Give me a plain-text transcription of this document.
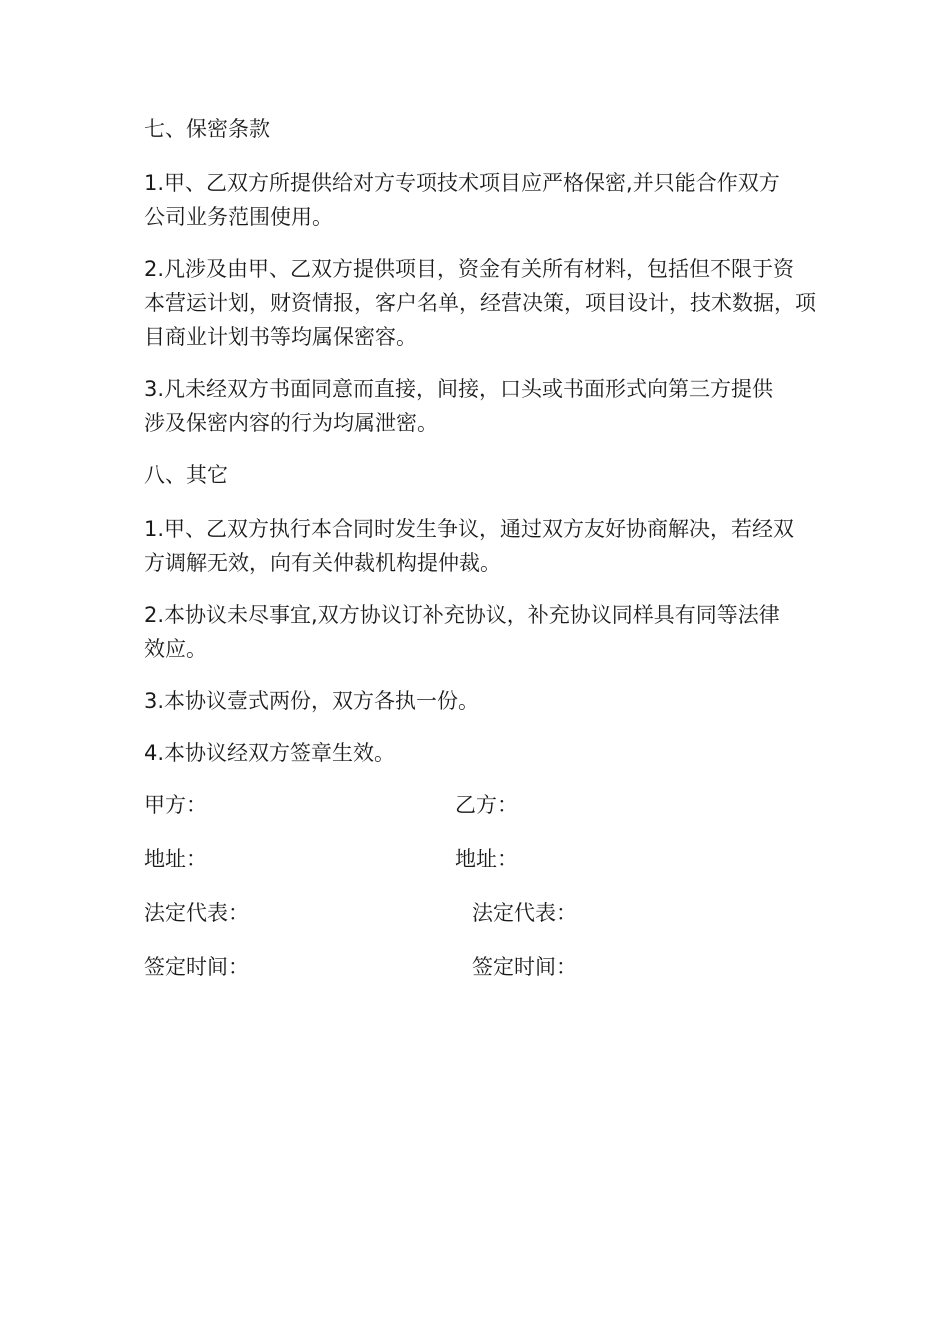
七、保密条款

1.甲、乙双方所提供给对方专项技术项目应严格保密,并只能合作双方
公司业务范围使用。

2.凡涉及由甲、乙双方提供项目，资金有关所有材料，包括但不限于资
本营运计划，财资情报，客户名单，经营决策，项目设计，技术数据，项
目商业计划书等均属保密容。

3.凡未经双方书面同意而直接，间接，口头或书面形式向第三方提供
涉及保密内容的行为均属泄密。

八、其它

1.甲、乙双方执行本合同时发生争议，通过双方友好协商解决，若经双
方调解无效，向有关仲裁机构提仲裁。

2.本协议未尽事宜,双方协议订补充协议，补充协议同样具有同等法律
效应。

3.本协议壹式两份，双方各执一份。

4.本协议经双方签章生效。

甲方：	乙方：
地址：	地址：
法定代表：	法定代表：
签定时间：	签定时间：
